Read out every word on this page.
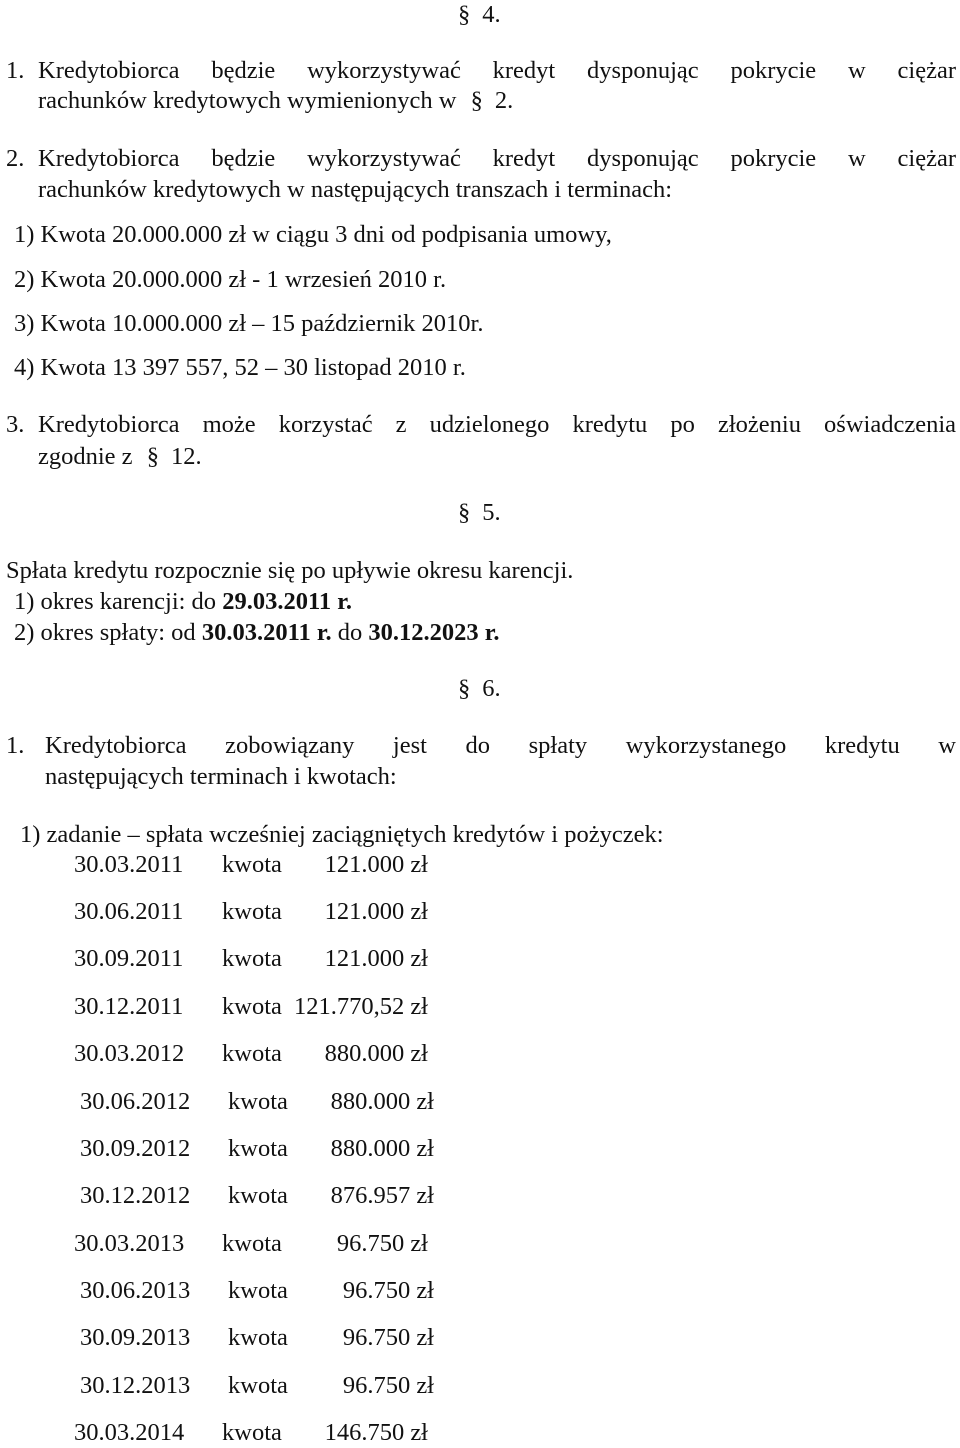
§ 4.
1. Kredytobiorca będzie wykorzystywać kredyt dysponując pokrycie w ciężar
rachunków kredytowych wymienionych w § 2.
2. Kredytobiorca będzie wykorzystywać kredyt dysponując pokrycie w ciężar
rachunków kredytowych w następujących transzach i terminach:
1) Kwota 20.000.000 zł w ciągu 3 dni od podpisania umowy,
2) Kwota 20.000.000 zł - 1 wrzesień 2010 r.
3) Kwota 10.000.000 zł – 15 październik 2010r.
4) Kwota 13 397 557, 52 – 30 listopad 2010 r.
3. Kredytobiorca może korzystać z udzielonego kredytu po złożeniu oświadczenia
zgodnie z § 12.
§ 5.
Spłata kredytu rozpocznie się po upływie okresu karencji.
1) okres karencji: do 29.03.2011 r.
2) okres spłaty: od 30.03.2011 r. do 30.12.2023 r.
§ 6.
1. Kredytobiorca zobowiązany jest do spłaty wykorzystanego kredytu w
następujących terminach i kwotach:
1) zadanie – spłata wcześniej zaciągniętych kredytów i pożyczek:
30.03.2011 kwota 121.000 zł
30.06.2011 kwota 121.000 zł
30.09.2011 kwota 121.000 zł
30.12.2011 kwota 121.770,52 zł
30.03.2012 kwota 880.000 zł
30.06.2012 kwota 880.000 zł
30.09.2012 kwota 880.000 zł
30.12.2012 kwota 876.957 zł
30.03.2013 kwota 96.750 zł
30.06.2013 kwota 96.750 zł
30.09.2013 kwota 96.750 zł
30.12.2013 kwota 96.750 zł
30.03.2014 kwota 146.750 zł
